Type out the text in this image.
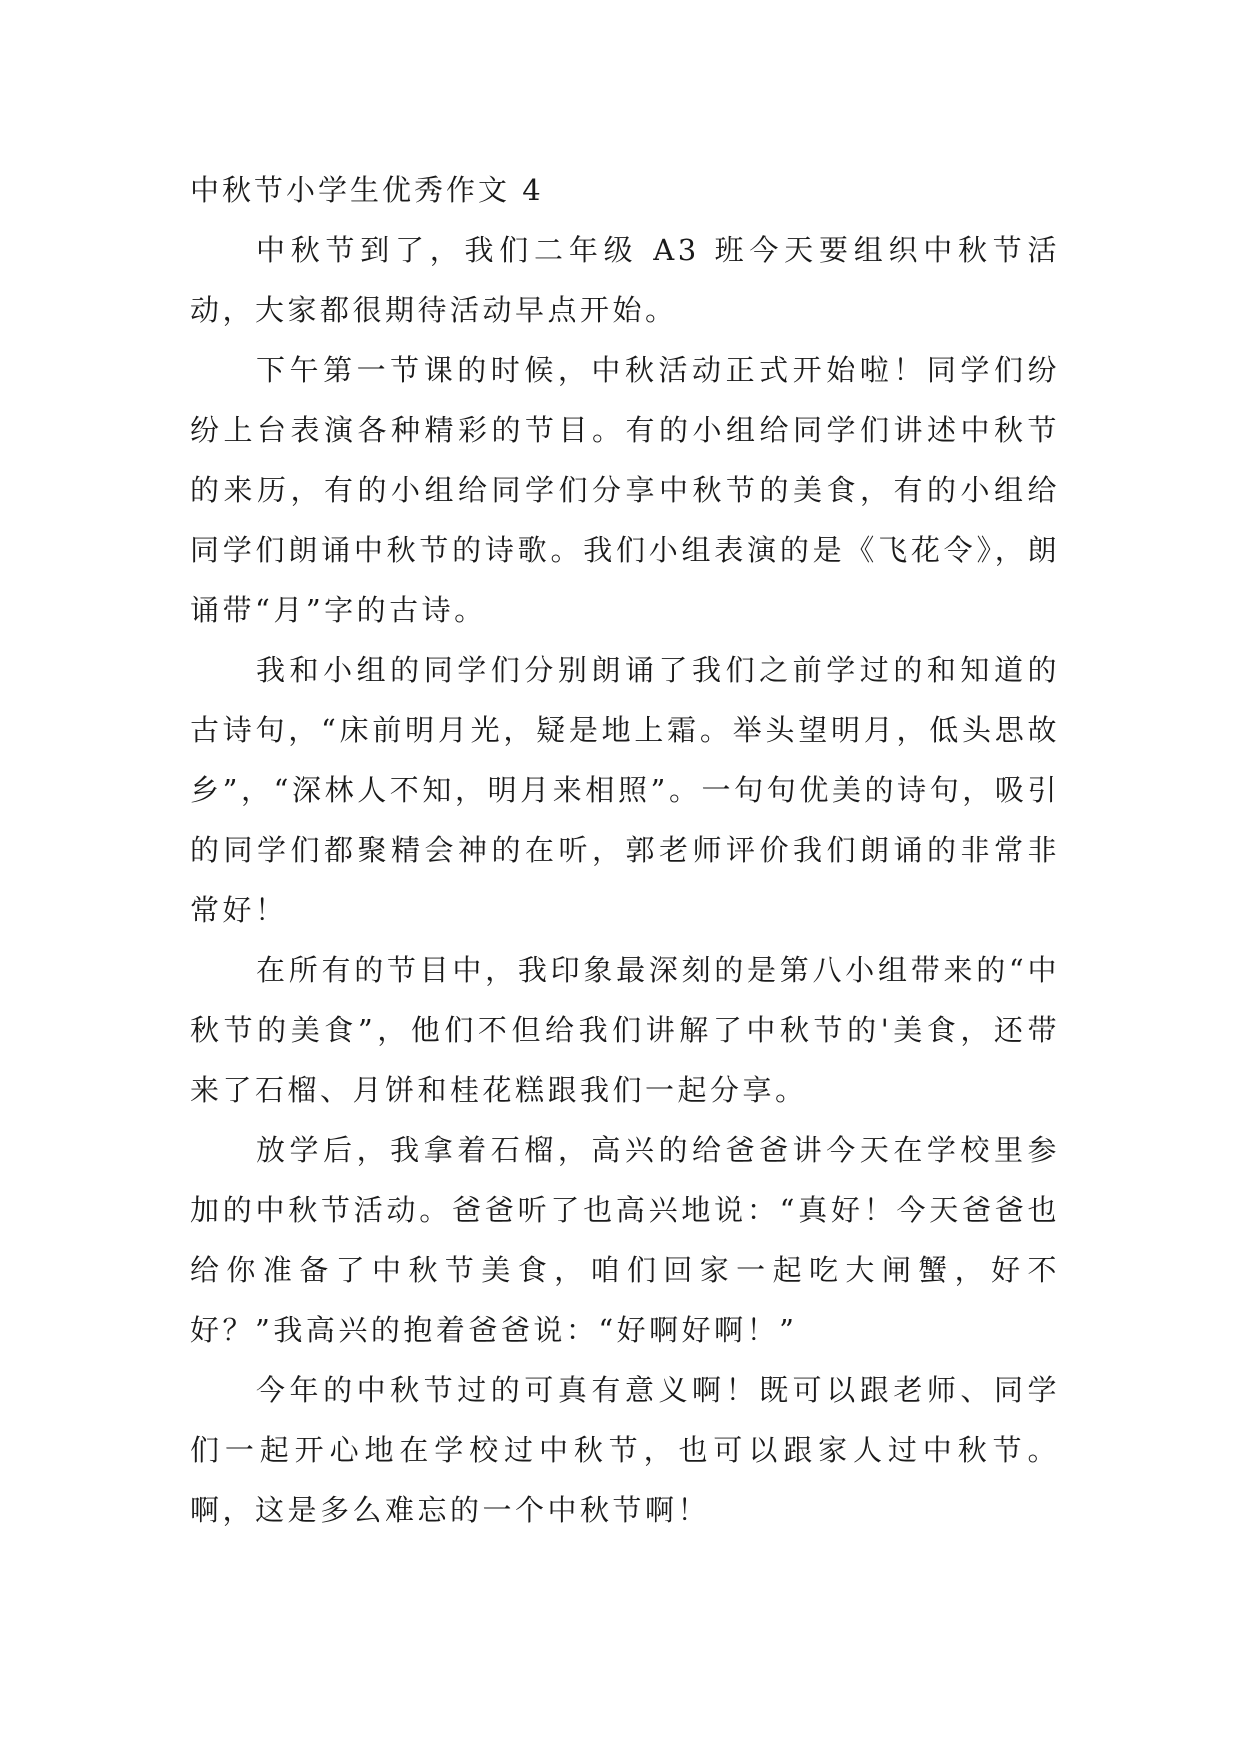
中秋节小学生优秀作文 4

中秋节到了，我们二年级 A3 班今天要组织中秋节活动，大家都很期待活动早点开始。

下午第一节课的时候，中秋活动正式开始啦！同学们纷纷上台表演各种精彩的节目。有的小组给同学们讲述中秋节的来历，有的小组给同学们分享中秋节的美食，有的小组给同学们朗诵中秋节的诗歌。我们小组表演的是《飞花令》，朗诵带“月”字的古诗。

我和小组的同学们分别朗诵了我们之前学过的和知道的古诗句，“床前明月光，疑是地上霜。举头望明月，低头思故乡”，“深林人不知，明月来相照”。一句句优美的诗句，吸引的同学们都聚精会神的在听，郭老师评价我们朗诵的非常非常好！

在所有的节目中，我印象最深刻的是第八小组带来的“中秋节的美食”，他们不但给我们讲解了中秋节的'美食，还带来了石榴、月饼和桂花糕跟我们一起分享。

放学后，我拿着石榴，高兴的给爸爸讲今天在学校里参加的中秋节活动。爸爸听了也高兴地说：“真好！今天爸爸也给你准备了中秋节美食，咱们回家一起吃大闸蟹，好不好？”我高兴的抱着爸爸说：“好啊好啊！”

今年的中秋节过的可真有意义啊！既可以跟老师、同学们一起开心地在学校过中秋节，也可以跟家人过中秋节。啊，这是多么难忘的一个中秋节啊！
